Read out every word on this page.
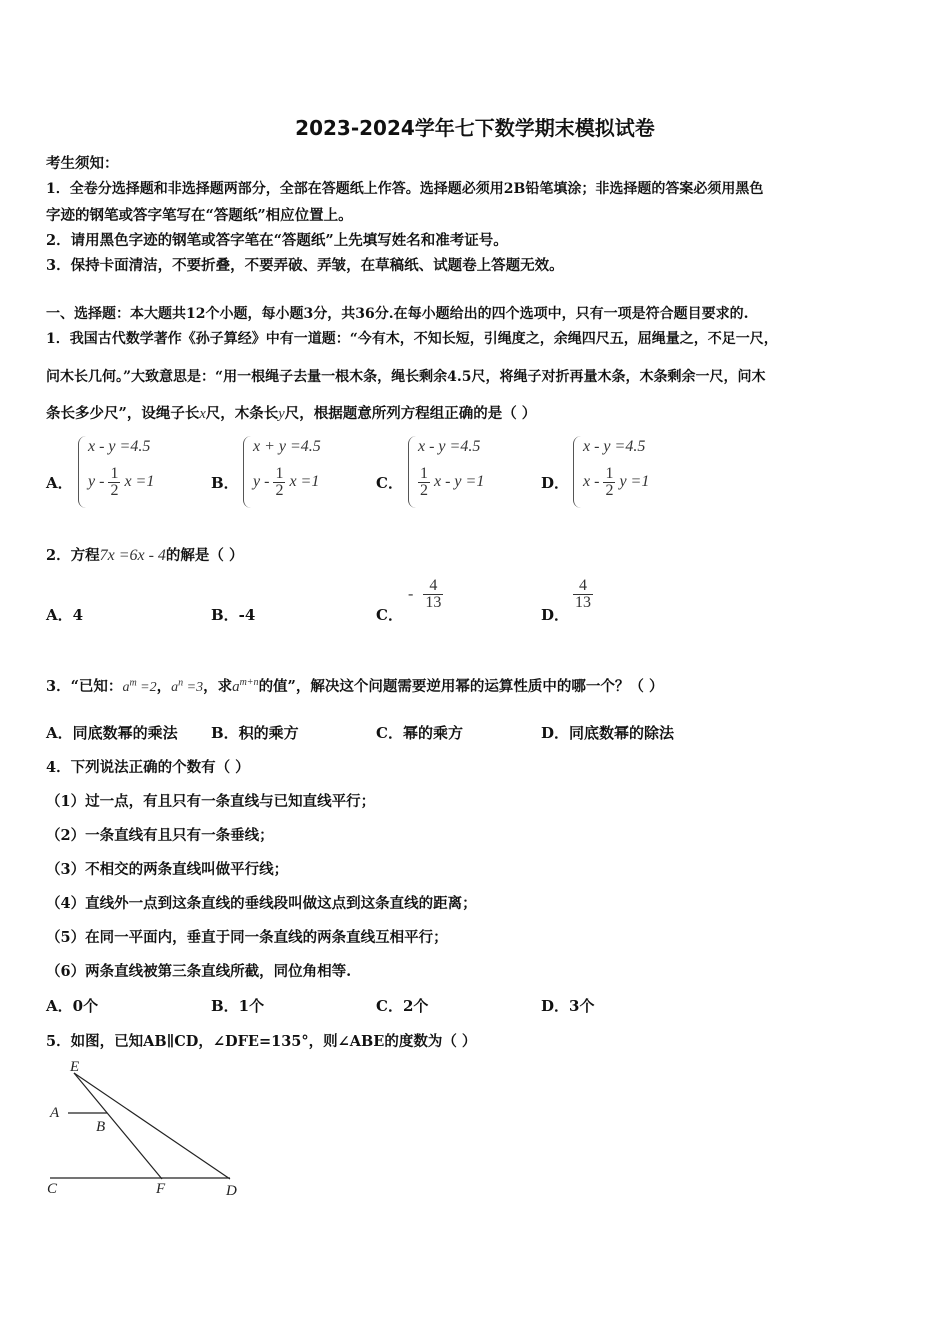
2023-2024学年七下数学期末模拟试卷
考生须知：
1．全卷分选择题和非选择题两部分，全部在答题纸上作答。选择题必须用2B铅笔填涂；非选择题的答案必须用黑色
字迹的钢笔或答字笔写在“答题纸”相应位置上。
2．请用黑色字迹的钢笔或答字笔在“答题纸”上先填写姓名和准考证号。
3．保持卡面清洁，不要折叠，不要弄破、弄皱，在草稿纸、试题卷上答题无效。
一、选择题：本大题共12个小题，每小题3分，共36分.在每小题给出的四个选项中，只有一项是符合题目要求的.
1．我国古代数学著作《孙子算经》中有一道题：“今有木，不知长短，引绳度之，余绳四尺五，屈绳量之，不足一尺，
问木长几何。”大致意思是：“用一根绳子去量一根木条，绳长剩余4.5尺，将绳子对折再量木条，木条剩余一尺，问木
条长多少尺”，设绳子长x尺，木条长y尺，根据题意所列方程组正确的是（ ）
A．
x - y =4.5
y - $\frac{1}{2}$ x =1	B．
x + y =4.5
y - $\frac{1}{2}$ x =1	C．
x - y =4.5
$\frac{1}{2}$ x - y =1	D．
x - y =4.5
x - $\frac{1}{2}$ y =1
2．方程7x =6x - 4的解是（ ）
A．4	B．-4	C．
- $\frac{4}{13}$
D．
$\frac{4}{13}$
3．“已知：$a^m =2$，$a^n =3$，求$a^{m+n}$的值”，解决这个问题需要逆用幂的运算性质中的哪一个？（ ）
A．同底数幂的乘法 B．积的乘方	C．幂的乘方	D．同底数幂的除法
4．下列说法正确的个数有（ ）
（1）过一点，有且只有一条直线与已知直线平行；
（2）一条直线有且只有一条垂线；
（3）不相交的两条直线叫做平行线；
（4）直线外一点到这条直线的垂线段叫做这点到这条直线的距离；
（5）在同一平面内，垂直于同一条直线的两条直线互相平行；
（6）两条直线被第三条直线所截，同位角相等.
A．0个	B．1个	C．2个	D．3个
5．如图，已知AB∥CD，∠DFE=135°，则∠ABE的度数为（ ）
E
A
B
C	F	D
